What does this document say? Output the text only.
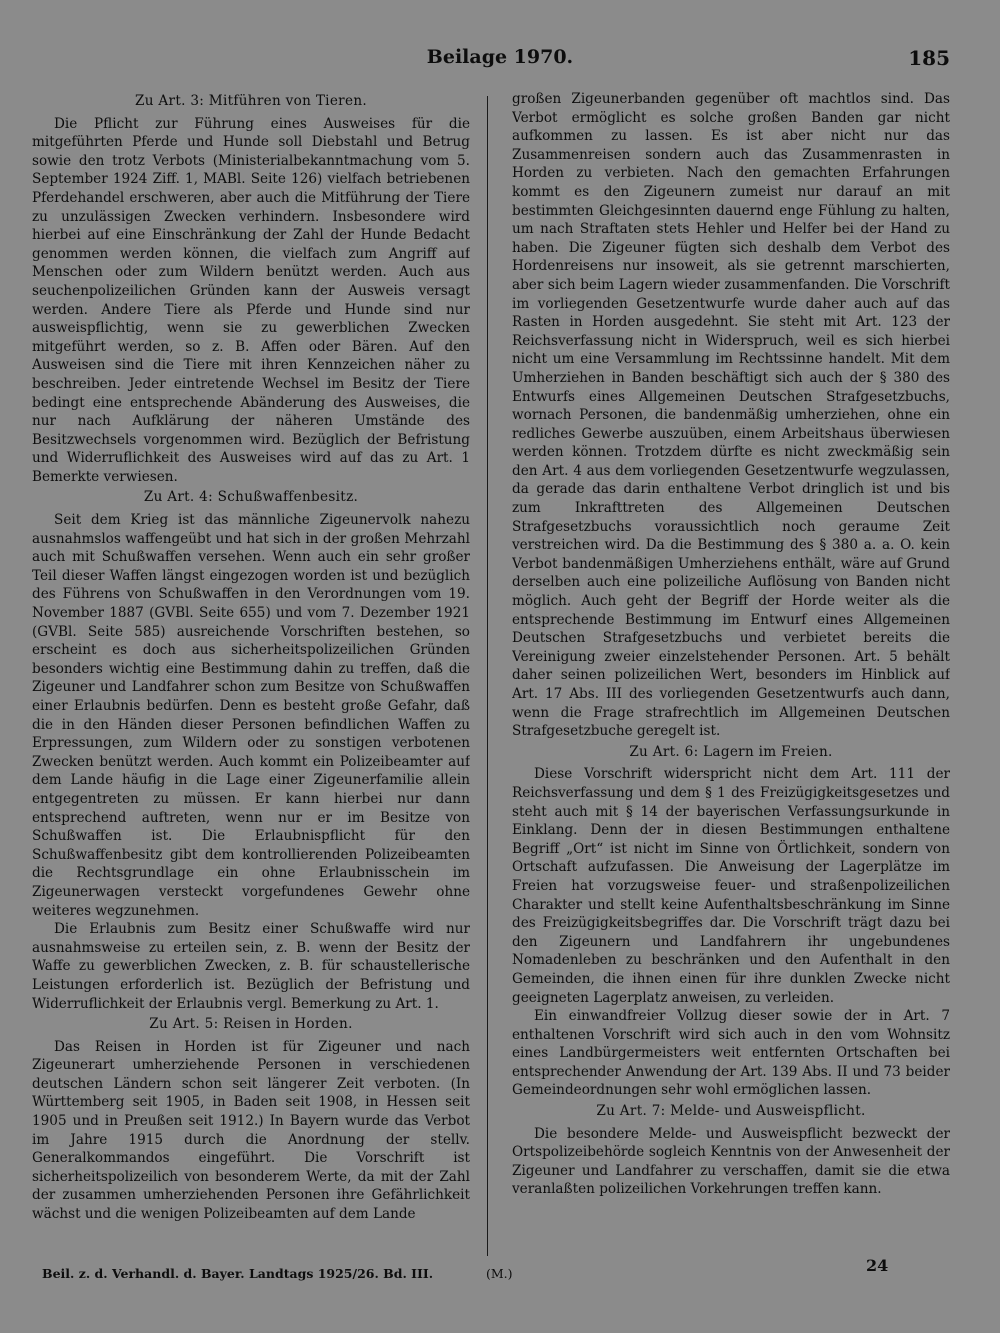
Beilage 1970.	185
Zu Art. 3: Mitführen von Tieren.

Die Pflicht zur Führung eines Ausweises für die mitgeführten Pferde und Hunde soll Diebstahl und Betrug sowie den trotz Verbots (Ministerialbekanntmachung vom 5. September 1924 Ziff. 1, MABl. Seite 126) vielfach betriebenen Pferdehandel erschweren, aber auch die Mitführung der Tiere zu unzulässigen Zwecken verhindern. Insbesondere wird hierbei auf eine Einschränkung der Zahl der Hunde Bedacht genommen werden können, die vielfach zum Angriff auf Menschen oder zum Wildern benützt werden. Auch aus seuchenpolizeilichen Gründen kann der Ausweis versagt werden. Andere Tiere als Pferde und Hunde sind nur ausweispflichtig, wenn sie zu gewerblichen Zwecken mitgeführt werden, so z. B. Affen oder Bären. Auf den Ausweisen sind die Tiere mit ihren Kennzeichen näher zu beschreiben. Jeder eintretende Wechsel im Besitz der Tiere bedingt eine entsprechende Abänderung des Ausweises, die nur nach Aufklärung der näheren Umstände des Besitzwechsels vorgenommen wird. Bezüglich der Befristung und Widerruflichkeit des Ausweises wird auf das zu Art. 1 Bemerkte verwiesen.

Zu Art. 4: Schußwaffenbesitz.

Seit dem Krieg ist das männliche Zigeunervolk nahezu ausnahmslos waffengeübt und hat sich in der großen Mehrzahl auch mit Schußwaffen versehen. Wenn auch ein sehr großer Teil dieser Waffen längst eingezogen worden ist und bezüglich des Führens von Schußwaffen in den Verordnungen vom 19. November 1887 (GVBl. Seite 655) und vom 7. Dezember 1921 (GVBl. Seite 585) ausreichende Vorschriften bestehen, so erscheint es doch aus sicherheitspolizeilichen Gründen besonders wichtig eine Bestimmung dahin zu treffen, daß die Zigeuner und Landfahrer schon zum Besitze von Schußwaffen einer Erlaubnis bedürfen. Denn es besteht große Gefahr, daß die in den Händen dieser Personen befindlichen Waffen zu Erpressungen, zum Wildern oder zu sonstigen verbotenen Zwecken benützt werden. Auch kommt ein Polizeibeamter auf dem Lande häufig in die Lage einer Zigeunerfamilie allein entgegentreten zu müssen. Er kann hierbei nur dann entsprechend auftreten, wenn nur er im Besitze von Schußwaffen ist. Die Erlaubnispflicht für den Schußwaffenbesitz gibt dem kontrollierenden Polizeibeamten die Rechtsgrundlage ein ohne Erlaubnisschein im Zigeunerwagen versteckt vorgefundenes Gewehr ohne weiteres wegzunehmen.

Die Erlaubnis zum Besitz einer Schußwaffe wird nur ausnahmsweise zu erteilen sein, z. B. wenn der Besitz der Waffe zu gewerblichen Zwecken, z. B. für schaustellerische Leistungen erforderlich ist. Bezüglich der Befristung und Widerruflichkeit der Erlaubnis vergl. Bemerkung zu Art. 1.

Zu Art. 5: Reisen in Horden.

Das Reisen in Horden ist für Zigeuner und nach Zigeunerart umherziehende Personen in verschiedenen deutschen Ländern schon seit längerer Zeit verboten. (In Württemberg seit 1905, in Baden seit 1908, in Hessen seit 1905 und in Preußen seit 1912.) In Bayern wurde das Verbot im Jahre 1915 durch die Anordnung der stellv. Generalkommandos eingeführt. Die Vorschrift ist sicherheitspolizeilich von besonderem Werte, da mit der Zahl der zusammen umherziehenden Personen ihre Gefährlichkeit wächst und die wenigen Polizeibeamten auf dem Lande

großen Zigeunerbanden gegenüber oft machtlos sind. Das Verbot ermöglicht es solche großen Banden gar nicht aufkommen zu lassen. Es ist aber nicht nur das Zusammenreisen sondern auch das Zusammenrasten in Horden zu verbieten. Nach den gemachten Erfahrungen kommt es den Zigeunern zumeist nur darauf an mit bestimmten Gleichgesinnten dauernd enge Fühlung zu halten, um nach Straftaten stets Hehler und Helfer bei der Hand zu haben. Die Zigeuner fügten sich deshalb dem Verbot des Hordenreisens nur insoweit, als sie getrennt marschierten, aber sich beim Lagern wieder zusammenfanden. Die Vorschrift im vorliegenden Gesetzentwurfe wurde daher auch auf das Rasten in Horden ausgedehnt. Sie steht mit Art. 123 der Reichsverfassung nicht in Widerspruch, weil es sich hierbei nicht um eine Versammlung im Rechtssinne handelt. Mit dem Umherziehen in Banden beschäftigt sich auch der § 380 des Entwurfs eines Allgemeinen Deutschen Strafgesetzbuchs, wornach Personen, die bandenmäßig umherziehen, ohne ein redliches Gewerbe auszuüben, einem Arbeitshaus überwiesen werden können. Trotzdem dürfte es nicht zweckmäßig sein den Art. 4 aus dem vorliegenden Gesetzentwurfe wegzulassen, da gerade das darin enthaltene Verbot dringlich ist und bis zum Inkrafttreten des Allgemeinen Deutschen Strafgesetzbuchs voraussichtlich noch geraume Zeit verstreichen wird. Da die Bestimmung des § 380 a. a. O. kein Verbot bandenmäßigen Umherziehens enthält, wäre auf Grund derselben auch eine polizeiliche Auflösung von Banden nicht möglich. Auch geht der Begriff der Horde weiter als die entsprechende Bestimmung im Entwurf eines Allgemeinen Deutschen Strafgesetzbuchs und verbietet bereits die Vereinigung zweier einzelstehender Personen. Art. 5 behält daher seinen polizeilichen Wert, besonders im Hinblick auf Art. 17 Abs. III des vorliegenden Gesetzentwurfs auch dann, wenn die Frage strafrechtlich im Allgemeinen Deutschen Strafgesetzbuche geregelt ist.

Zu Art. 6: Lagern im Freien.

Diese Vorschrift widerspricht nicht dem Art. 111 der Reichsverfassung und dem § 1 des Freizügigkeitsgesetzes und steht auch mit § 14 der bayerischen Verfassungsurkunde in Einklang. Denn der in diesen Bestimmungen enthaltene Begriff „Ort“ ist nicht im Sinne von Örtlichkeit, sondern von Ortschaft aufzufassen. Die Anweisung der Lagerplätze im Freien hat vorzugsweise feuer- und straßenpolizeilichen Charakter und stellt keine Aufenthaltsbeschränkung im Sinne des Freizügigkeitsbegriffes dar. Die Vorschrift trägt dazu bei den Zigeunern und Landfahrern ihr ungebundenes Nomadenleben zu beschränken und den Aufenthalt in den Gemeinden, die ihnen einen für ihre dunklen Zwecke nicht geeigneten Lagerplatz anweisen, zu verleiden.

Ein einwandfreier Vollzug dieser sowie der in Art. 7 enthaltenen Vorschrift wird sich auch in den vom Wohnsitz eines Landbürgermeisters weit entfernten Ortschaften bei entsprechender Anwendung der Art. 139 Abs. II und 73 beider Gemeindeordnungen sehr wohl ermöglichen lassen.

Zu Art. 7: Melde- und Ausweispflicht.

Die besondere Melde- und Ausweispflicht bezweckt der Ortspolizeibehörde sogleich Kenntnis von der Anwesenheit der Zigeuner und Landfahrer zu verschaffen, damit sie die etwa veranlaßten polizeilichen Vorkehrungen treffen kann.

Beil. z. d. Verhandl. d. Bayer. Landtags 1925/26. Bd. III.	(M.)	24
